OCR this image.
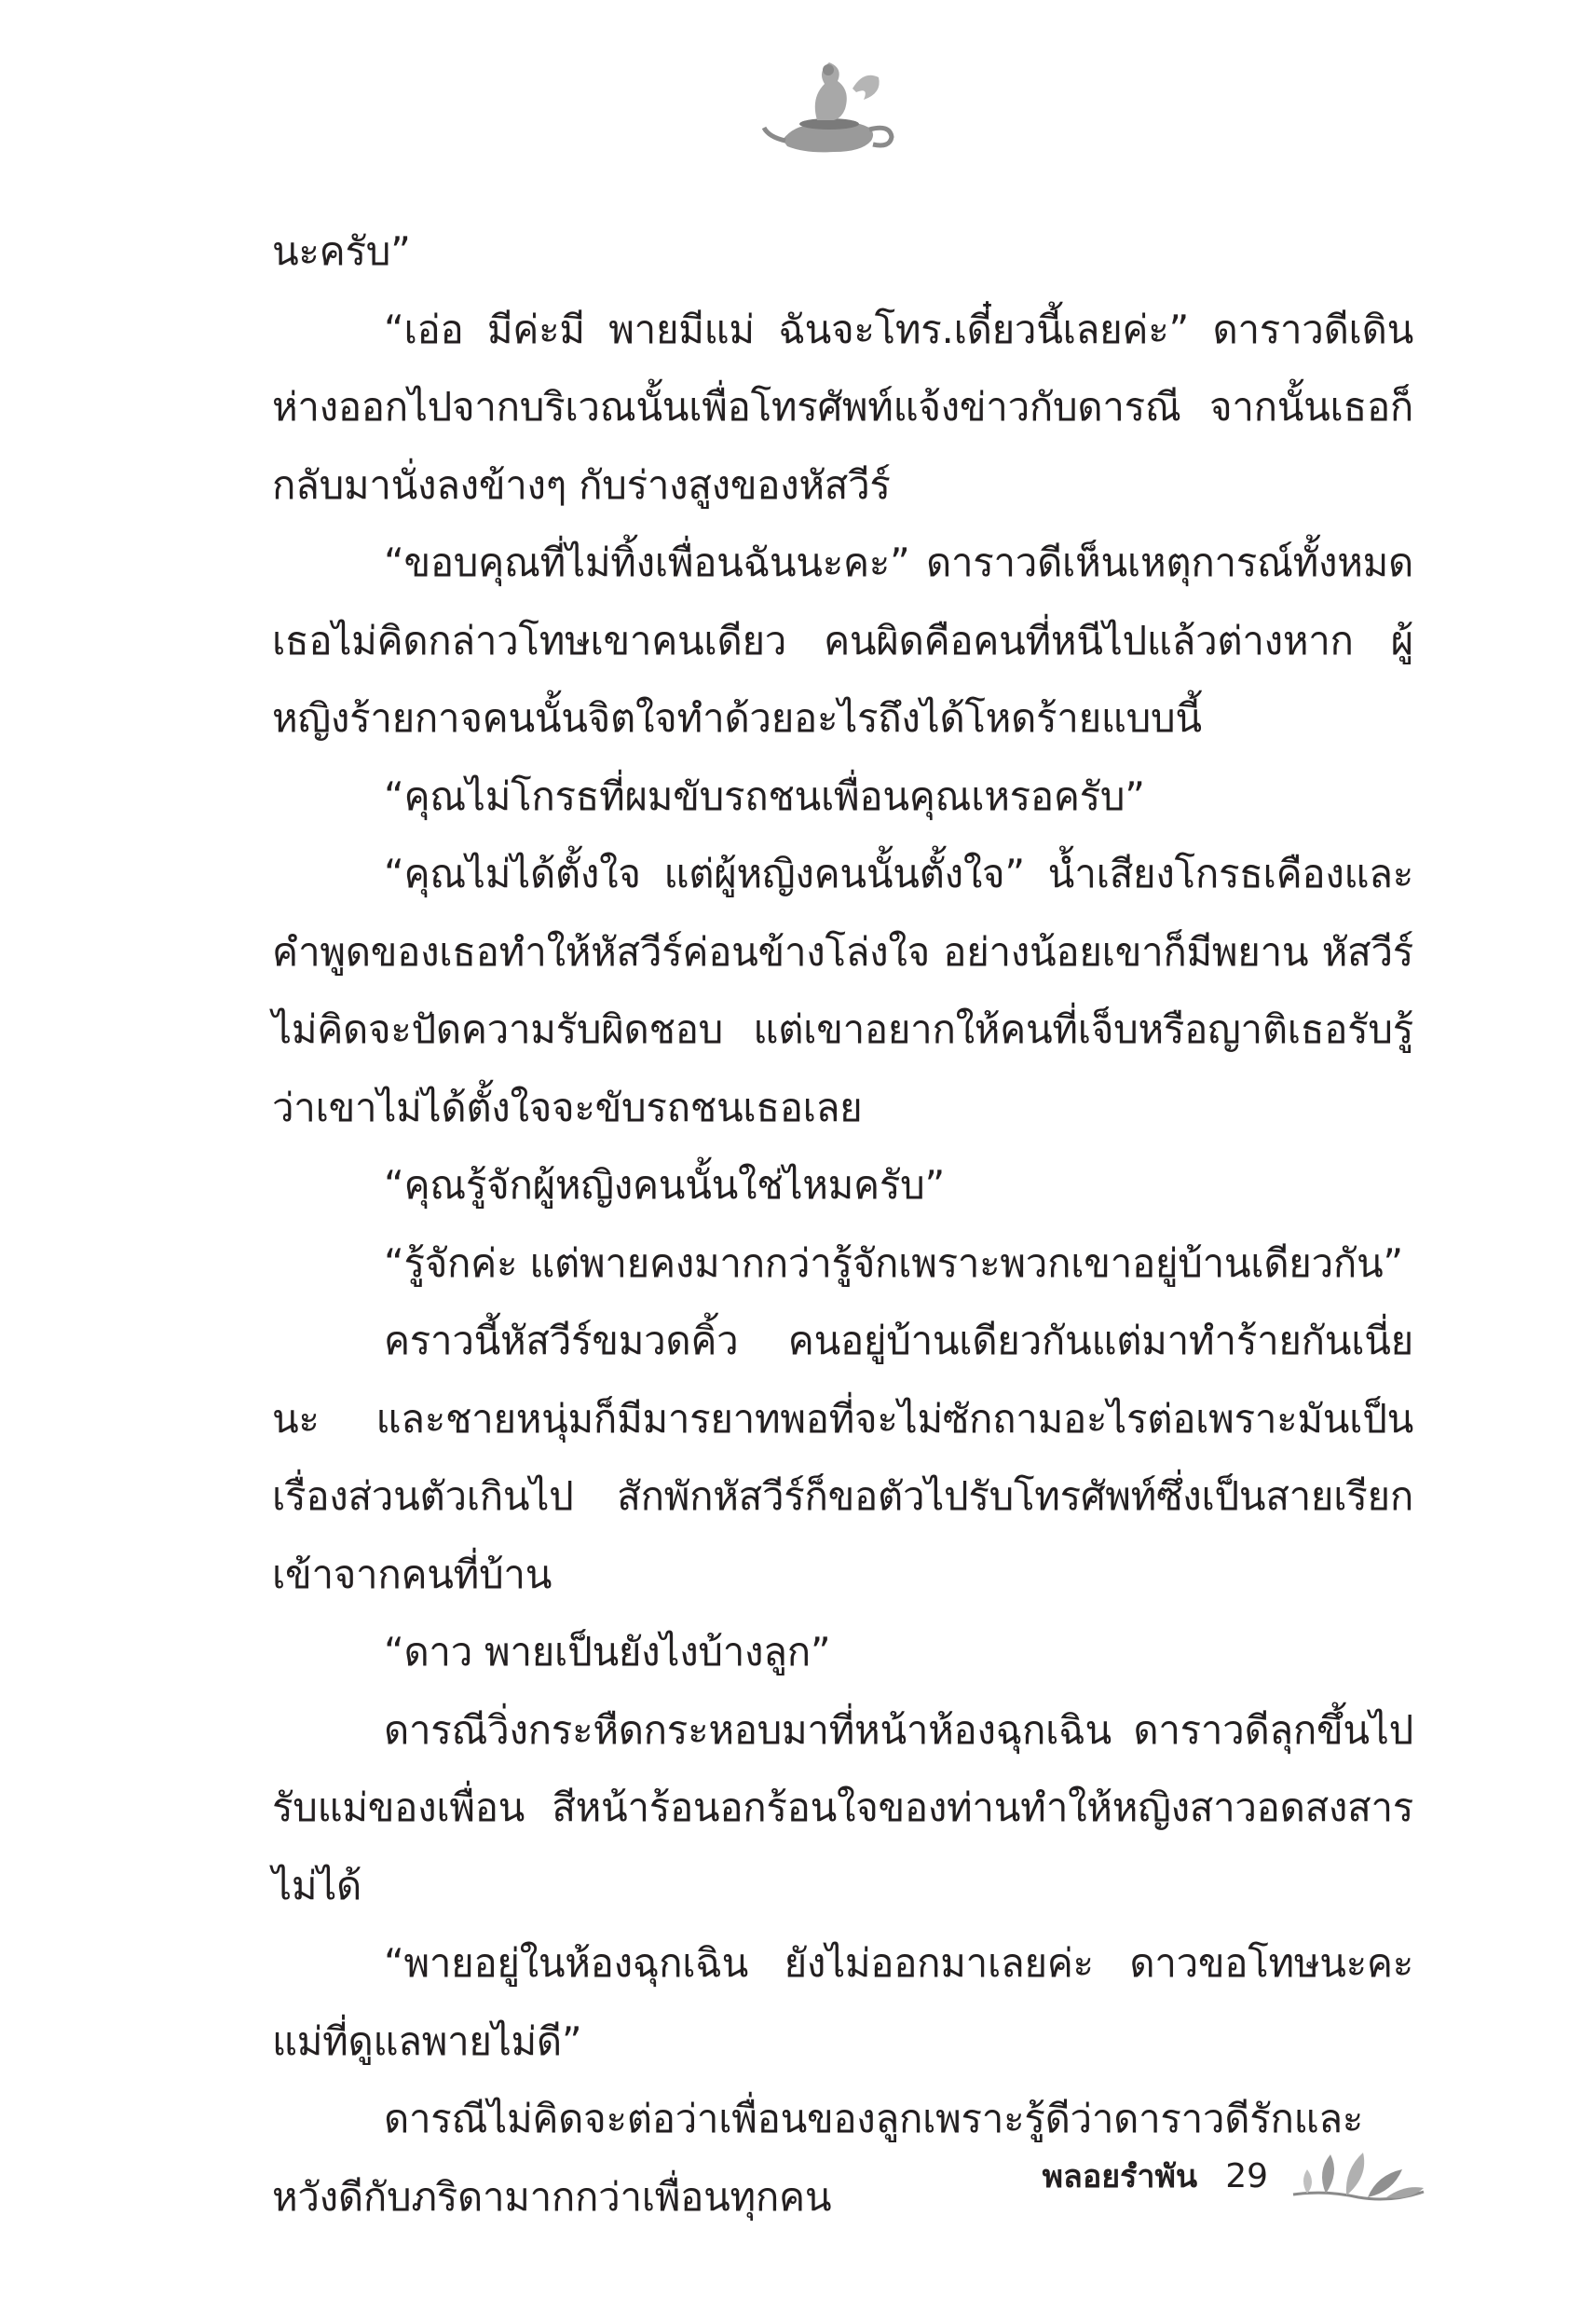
นะครับ”

“เอ่อ มีค่ะมี พายมีแม่ ฉันจะโทร.เดี๋ยวนี้เลยค่ะ” ดาราวดีเดินห่างออกไปจากบริเวณนั้นเพื่อโทรศัพท์แจ้งข่าวกับดารณี จากนั้นเธอก็กลับมานั่งลงข้างๆ กับร่างสูงของหัสวีร์

“ขอบคุณที่ไม่ทิ้งเพื่อนฉันนะคะ” ดาราวดีเห็นเหตุการณ์ทั้งหมด เธอไม่คิดกล่าวโทษเขาคนเดียว คนผิดคือคนที่หนีไปแล้วต่างหาก ผู้หญิงร้ายกาจคนนั้นจิตใจทำด้วยอะไรถึงได้โหดร้ายแบบนี้

“คุณไม่โกรธที่ผมขับรถชนเพื่อนคุณเหรอครับ”

“คุณไม่ได้ตั้งใจ แต่ผู้หญิงคนนั้นตั้งใจ” น้ำเสียงโกรธเคืองและคำพูดของเธอทำให้หัสวีร์ค่อนข้างโล่งใจ อย่างน้อยเขาก็มีพยาน หัสวีร์ไม่คิดจะปัดความรับผิดชอบ แต่เขาอยากให้คนที่เจ็บหรือญาติเธอรับรู้ว่าเขาไม่ได้ตั้งใจจะขับรถชนเธอเลย

“คุณรู้จักผู้หญิงคนนั้นใช่ไหมครับ”

“รู้จักค่ะ แต่พายคงมากกว่ารู้จักเพราะพวกเขาอยู่บ้านเดียวกัน”

คราวนี้หัสวีร์ขมวดคิ้ว คนอยู่บ้านเดียวกันแต่มาทำร้ายกันเนี่ยนะ และชายหนุ่มก็มีมารยาทพอที่จะไม่ซักถามอะไรต่อเพราะมันเป็นเรื่องส่วนตัวเกินไป สักพักหัสวีร์ก็ขอตัวไปรับโทรศัพท์ซึ่งเป็นสายเรียกเข้าจากคนที่บ้าน

“ดาว พายเป็นยังไงบ้างลูก”

ดารณีวิ่งกระหืดกระหอบมาที่หน้าห้องฉุกเฉิน ดาราวดีลุกขึ้นไปรับแม่ของเพื่อน สีหน้าร้อนอกร้อนใจของท่านทำให้หญิงสาวอดสงสารไม่ได้

“พายอยู่ในห้องฉุกเฉิน ยังไม่ออกมาเลยค่ะ ดาวขอโทษนะคะแม่ที่ดูแลพายไม่ดี”

ดารณีไม่คิดจะต่อว่าเพื่อนของลูกเพราะรู้ดีว่าดาราวดีรักและหวังดีกับภริดามากกว่าเพื่อนทุกคน	พลอยรำพัน 29
